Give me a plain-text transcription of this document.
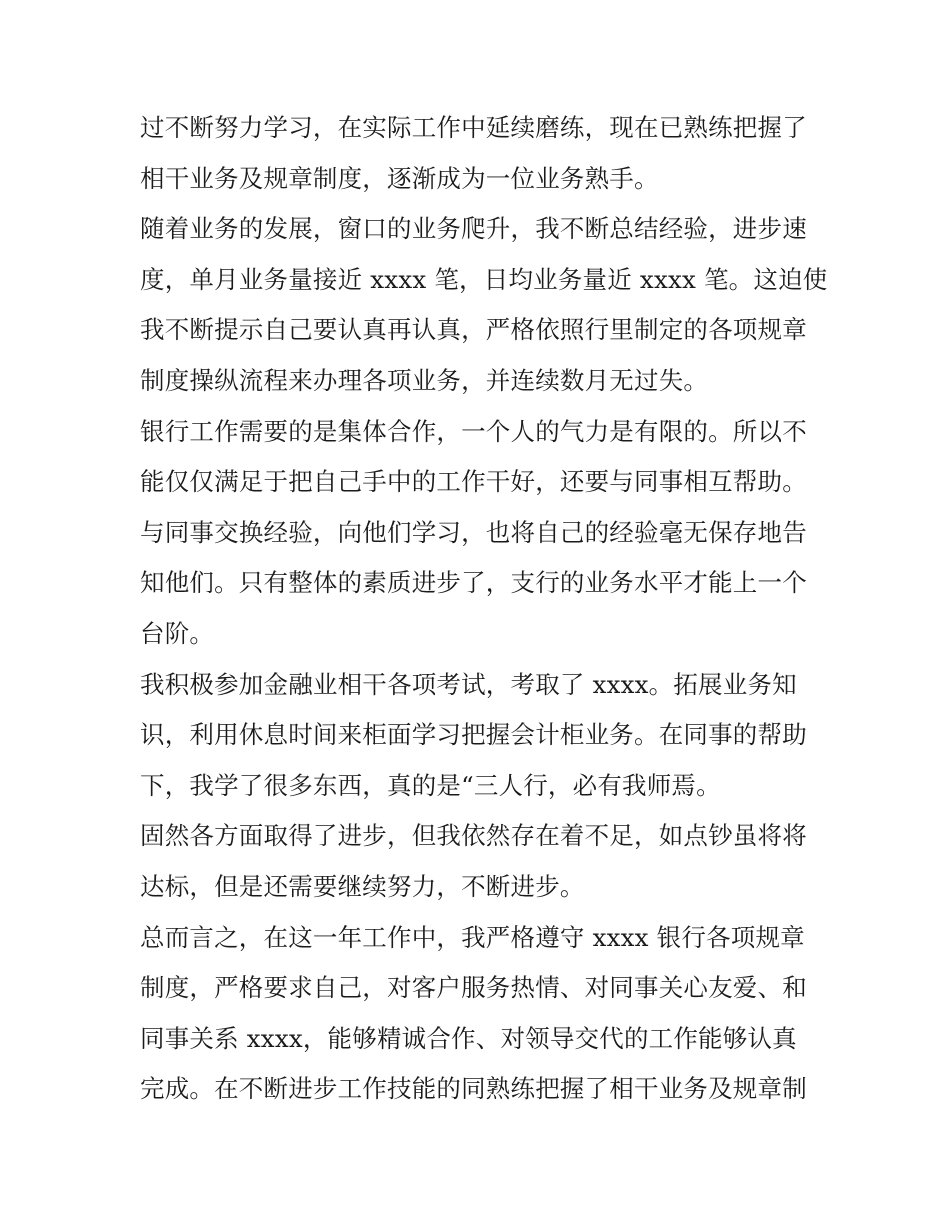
过不断努力学习，在实际工作中延续磨练，现在已熟练把握了
相干业务及规章制度，逐渐成为一位业务熟手。
随着业务的发展，窗口的业务爬升，我不断总结经验，进步速
度，单月业务量接近 xxxx 笔，日均业务量近 xxxx 笔。这迫使
我不断提示自己要认真再认真，严格依照行里制定的各项规章
制度操纵流程来办理各项业务，并连续数月无过失。
银行工作需要的是集体合作，一个人的气力是有限的。所以不
能仅仅满足于把自己手中的工作干好，还要与同事相互帮助。
与同事交换经验，向他们学习，也将自己的经验毫无保存地告
知他们。只有整体的素质进步了，支行的业务水平才能上一个
台阶。
我积极参加金融业相干各项考试，考取了 xxxx。拓展业务知
识，利用休息时间来柜面学习把握会计柜业务。在同事的帮助
下，我学了很多东西，真的是“三人行，必有我师焉。
固然各方面取得了进步，但我依然存在着不足，如点钞虽将将
达标，但是还需要继续努力，不断进步。
总而言之，在这一年工作中，我严格遵守 xxxx 银行各项规章
制度，严格要求自己，对客户服务热情、对同事关心友爱、和
同事关系 xxxx，能够精诚合作、对领导交代的工作能够认真
完成。在不断进步工作技能的同熟练把握了相干业务及规章制
